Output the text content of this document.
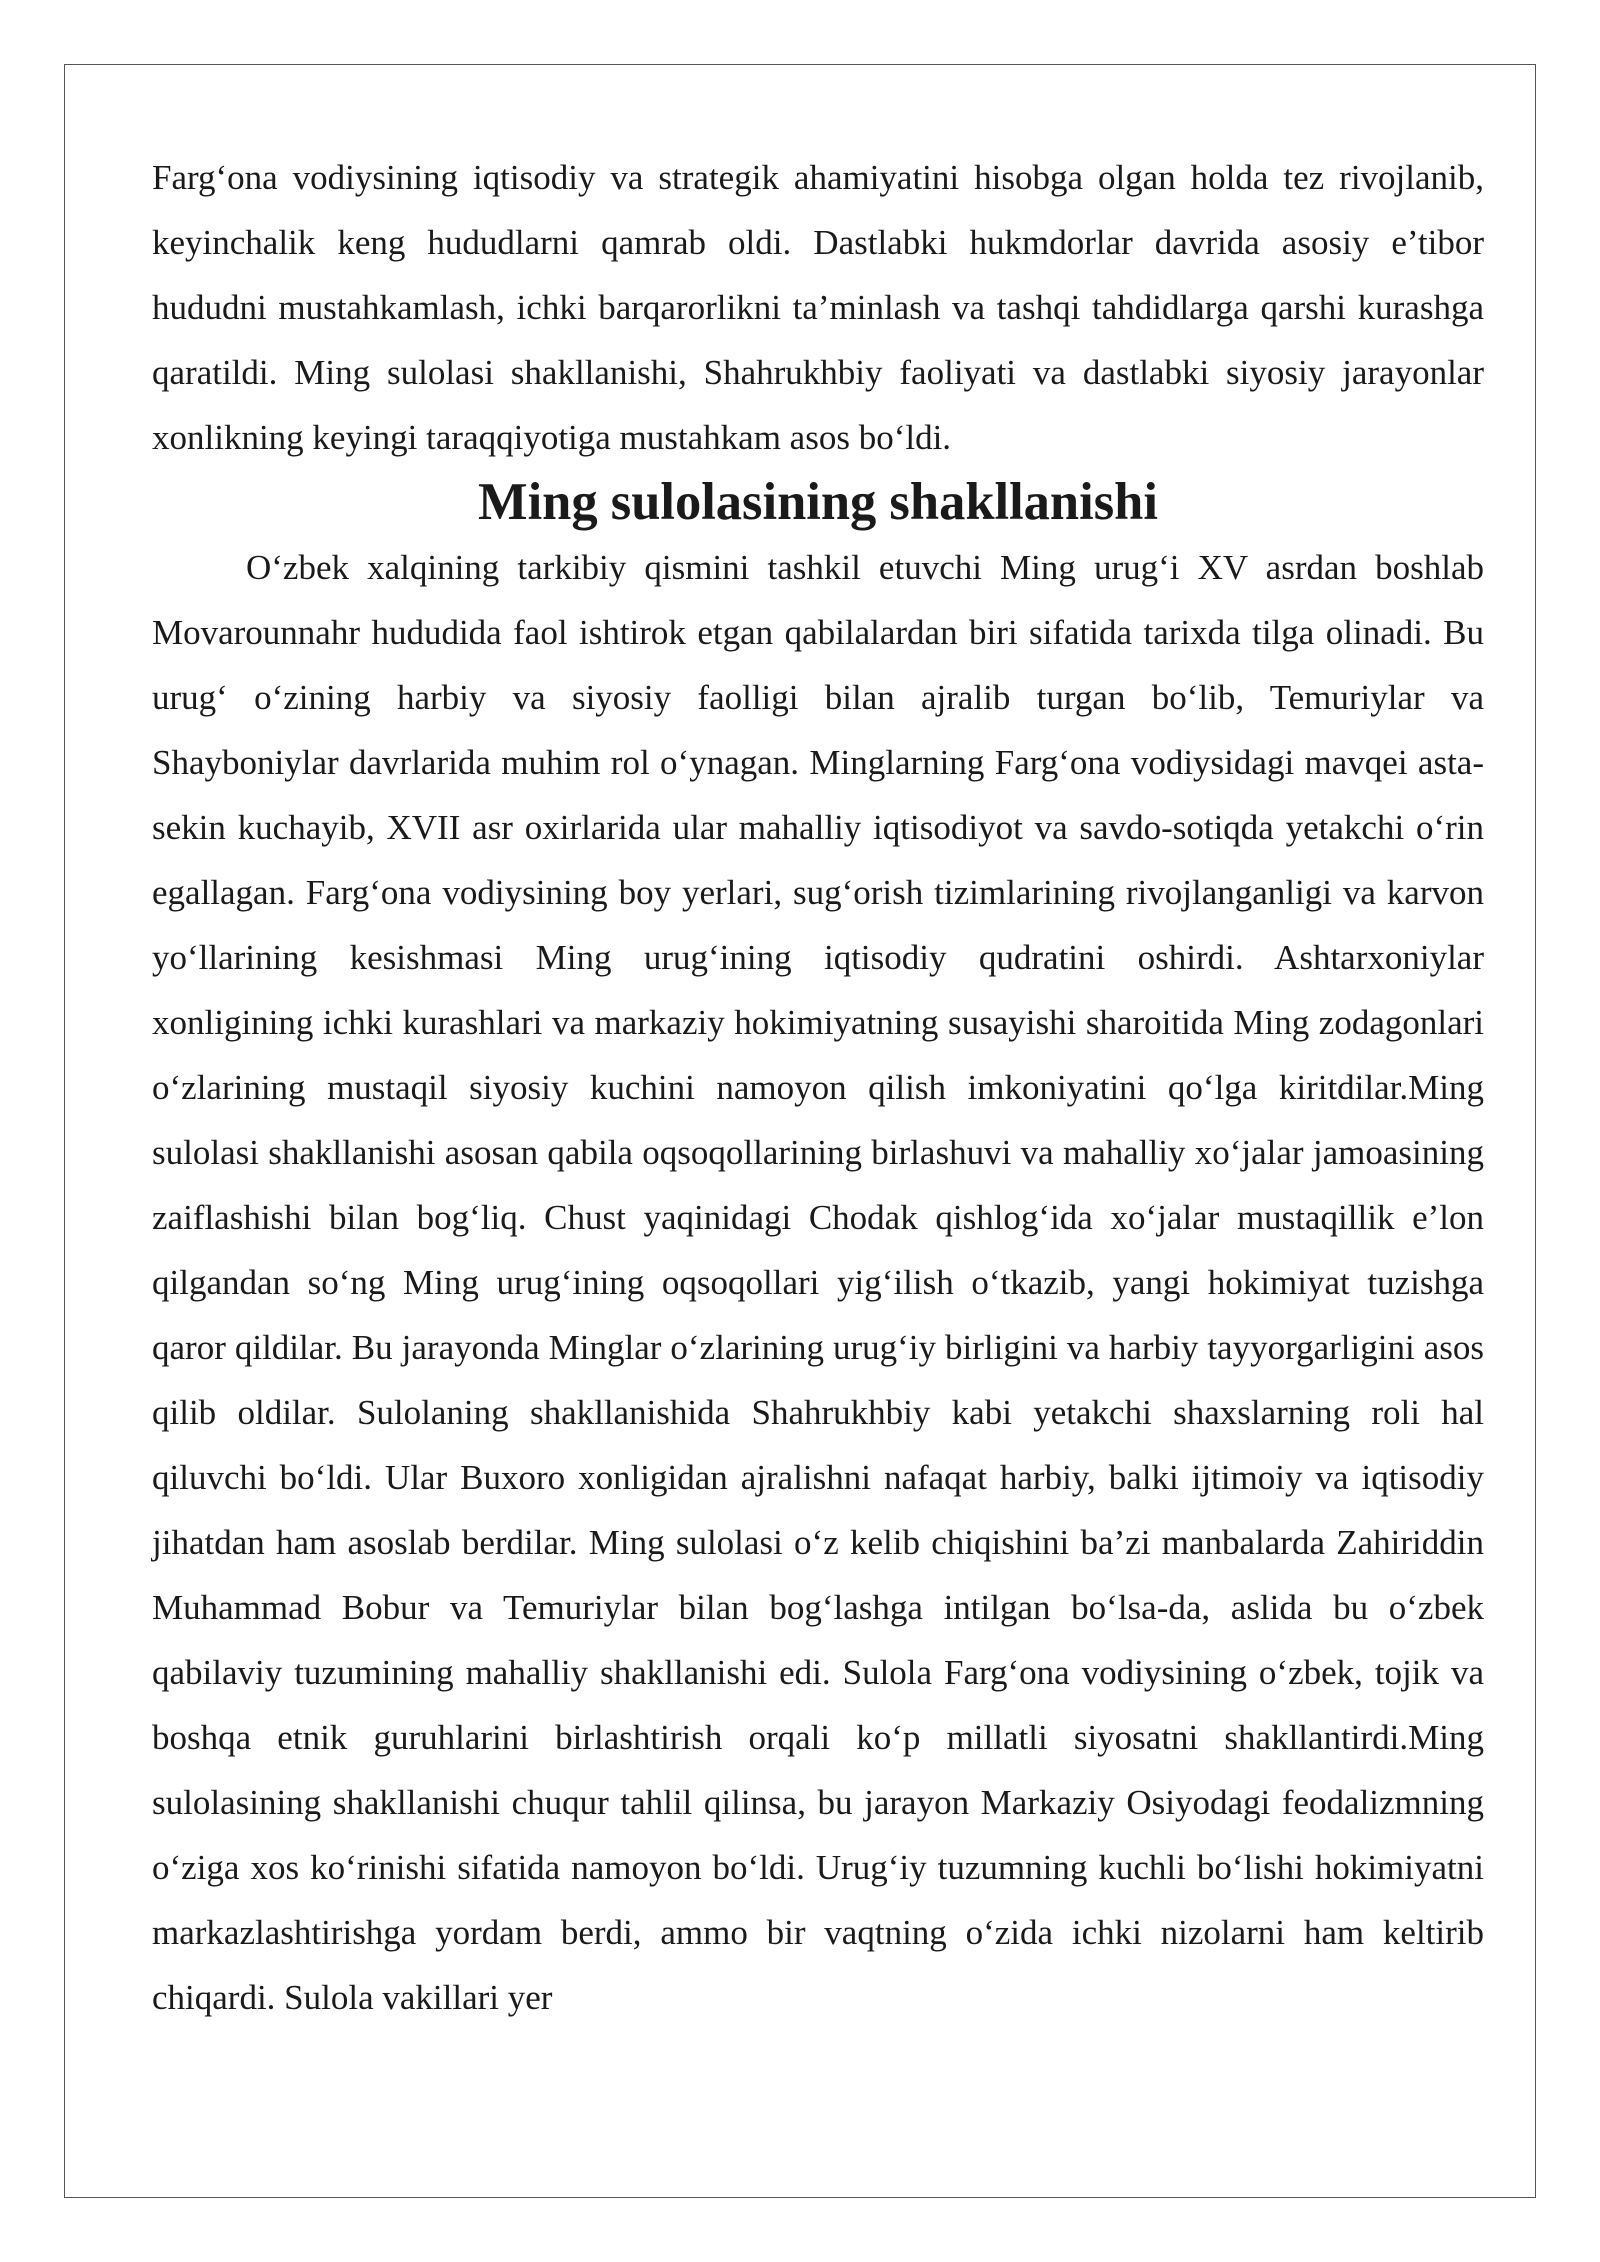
Farg‘ona vodiysining iqtisodiy va strategik ahamiyatini hisobga olgan holda tez rivojlanib, keyinchalik keng hududlarni qamrab oldi. Dastlabki hukmdorlar davrida asosiy e’tibor hududni mustahkamlash, ichki barqarorlikni ta’minlash va tashqi tahdidlarga qarshi kurashga qaratildi. Ming sulolasi shakllanishi, Shahrukhbiy faoliyati va dastlabki siyosiy jarayonlar xonlikning keyingi taraqqiyotiga mustahkam asos bo‘ldi.

Ming sulolasining shakllanishi

O‘zbek xalqining tarkibiy qismini tashkil etuvchi Ming urug‘i XV asrdan boshlab Movarounnahr hududida faol ishtirok etgan qabilalardan biri sifatida tarixda tilga olinadi. Bu urug‘ o‘zining harbiy va siyosiy faolligi bilan ajralib turgan bo‘lib, Temuriylar va Shayboniylar davrlarida muhim rol o‘ynagan. Minglarning Farg‘ona vodiysidagi mavqei asta-sekin kuchayib, XVII asr oxirlarida ular mahalliy iqtisodiyot va savdo-sotiqda yetakchi o‘rin egallagan. Farg‘ona vodiysining boy yerlari, sug‘orish tizimlarining rivojlanganligi va karvon yo‘llarining kesishmasi Ming urug‘ining iqtisodiy qudratini oshirdi. Ashtarxoniylar xonligining ichki kurashlari va markaziy hokimiyatning susayishi sharoitida Ming zodagonlari o‘zlarining mustaqil siyosiy kuchini namoyon qilish imkoniyatini qo‘lga kiritdilar.Ming sulolasi shakllanishi asosan qabila oqsoqollarining birlashuvi va mahalliy xo‘jalar jamoasining zaiflashishi bilan bog‘liq. Chust yaqinidagi Chodak qishlog‘ida xo‘jalar mustaqillik e’lon qilgandan so‘ng Ming urug‘ining oqsoqollari yig‘ilish o‘tkazib, yangi hokimiyat tuzishga qaror qildilar. Bu jarayonda Minglar o‘zlarining urug‘iy birligini va harbiy tayyorgarligini asos qilib oldilar. Sulolaning shakllanishida Shahrukhbiy kabi yetakchi shaxslarning roli hal qiluvchi bo‘ldi. Ular Buxoro xonligidan ajralishni nafaqat harbiy, balki ijtimoiy va iqtisodiy jihatdan ham asoslab berdilar. Ming sulolasi o‘z kelib chiqishini ba’zi manbalarda Zahiriddin Muhammad Bobur va Temuriylar bilan bog‘lashga intilgan bo‘lsa-da, aslida bu o‘zbek qabilaviy tuzumining mahalliy shakllanishi edi. Sulola Farg‘ona vodiysining o‘zbek, tojik va boshqa etnik guruhlarini birlashtirish orqali ko‘p millatli siyosatni shakllantirdi.Ming sulolasining shakllanishi chuqur tahlil qilinsa, bu jarayon Markaziy Osiyodagi feodalizmning o‘ziga xos ko‘rinishi sifatida namoyon bo‘ldi. Urug‘iy tuzumning kuchli bo‘lishi hokimiyatni markazlashtirishga yordam berdi, ammo bir vaqtning o‘zida ichki nizolarni ham keltirib chiqardi. Sulola vakillari yer
